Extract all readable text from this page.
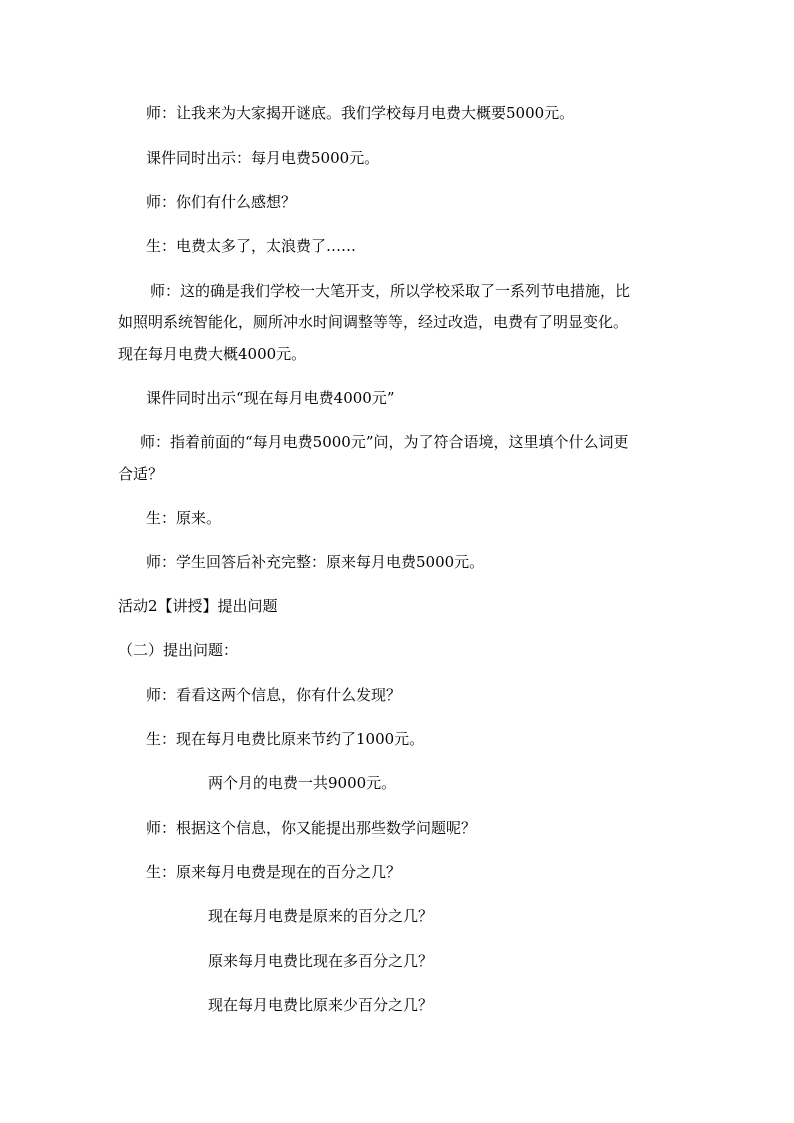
师：让我来为大家揭开谜底。我们学校每月电费大概要5000元。
课件同时出示：每月电费5000元。
师：你们有什么感想？
生：电费太多了，太浪费了……
师：这的确是我们学校一大笔开支，所以学校采取了一系列节电措施，比
如照明系统智能化，厕所冲水时间调整等等，经过改造，电费有了明显变化。
现在每月电费大概4000元。
课件同时出示“现在每月电费4000元”
师：指着前面的“每月电费5000元”问，为了符合语境，这里填个什么词更
合适？
生：原来。
师：学生回答后补充完整：原来每月电费5000元。
活动2【讲授】提出问题
（二）提出问题：
师：看看这两个信息，你有什么发现？
生：现在每月电费比原来节约了1000元。
两个月的电费一共9000元。
师：根据这个信息，你又能提出那些数学问题呢？
生：原来每月电费是现在的百分之几？
现在每月电费是原来的百分之几？
原来每月电费比现在多百分之几？
现在每月电费比原来少百分之几？
